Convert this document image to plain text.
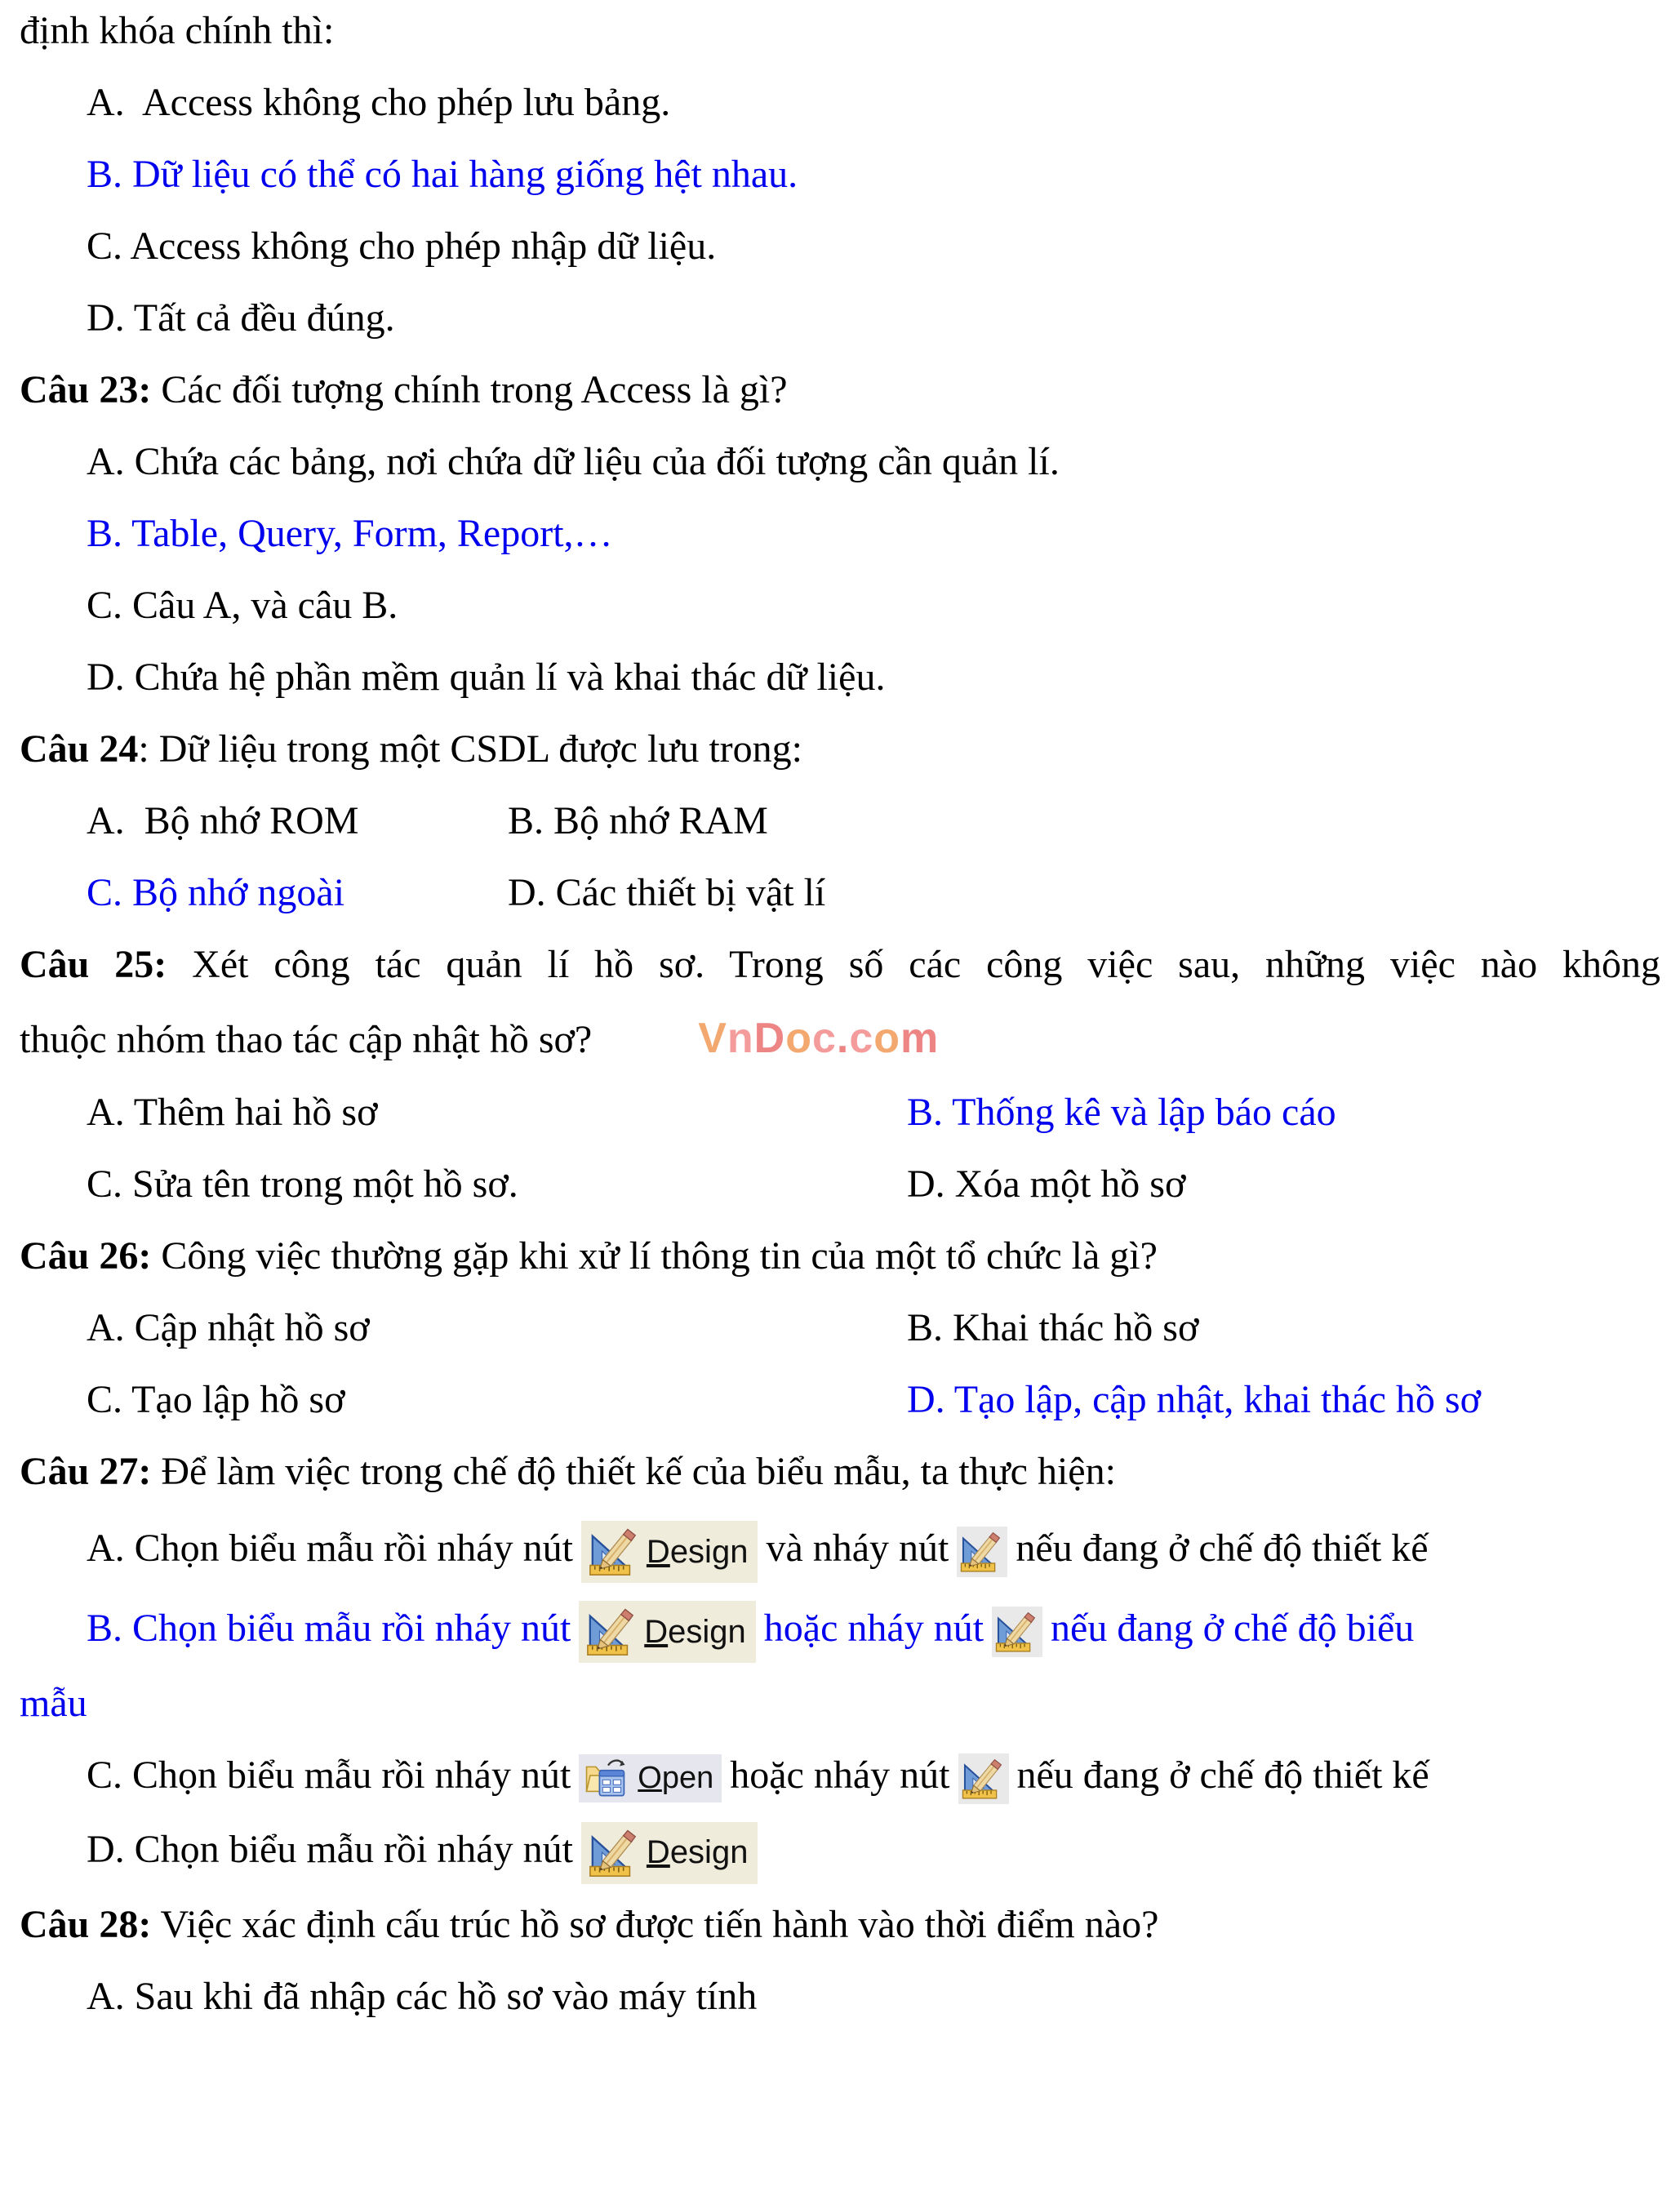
định khóa chính thì:
A.  Access không cho phép lưu bảng.
B. Dữ liệu có thể có hai hàng giống hệt nhau.
C. Access không cho phép nhập dữ liệu.
D. Tất cả đều đúng.
Câu 23: Các đối tượng chính trong Access là gì?
A. Chứa các bảng, nơi chứa dữ liệu của đối tượng cần quản lí.
B. Table, Query, Form, Report,…
C. Câu A, và câu B.
D. Chứa hệ phần mềm quản lí và khai thác dữ liệu.
Câu 24: Dữ liệu trong một CSDL được lưu trong:
A.  Bộ nhớ ROM	B. Bộ nhớ RAM
C. Bộ nhớ ngoài	D. Các thiết bị vật lí
Câu 25: Xét công tác quản lí hồ sơ. Trong số các công việc sau, những việc nào không
thuộc nhóm thao tác cập nhật hồ sơ?	VnDoc.com
A. Thêm hai hồ sơ	B. Thống kê và lập báo cáo
C. Sửa tên trong một hồ sơ.	D. Xóa một hồ sơ
Câu 26: Công việc thường gặp khi xử lí thông tin của một tổ chức là gì?
A. Cập nhật hồ sơ	B. Khai thác hồ sơ
C. Tạo lập hồ sơ	D. Tạo lập, cập nhật, khai thác hồ sơ
Câu 27: Để làm việc trong chế độ thiết kế của biểu mẫu, ta thực hiện:
A. Chọn biểu mẫu rồi nháy nút Design và nháy nút nếu đang ở chế độ thiết kế
B. Chọn biểu mẫu rồi nháy nút Design hoặc nháy nút nếu đang ở chế độ biểu
mẫu
C. Chọn biểu mẫu rồi nháy nút Open hoặc nháy nút nếu đang ở chế độ thiết kế
D. Chọn biểu mẫu rồi nháy nút Design
Câu 28: Việc xác định cấu trúc hồ sơ được tiến hành vào thời điểm nào?
A. Sau khi đã nhập các hồ sơ vào máy tính
